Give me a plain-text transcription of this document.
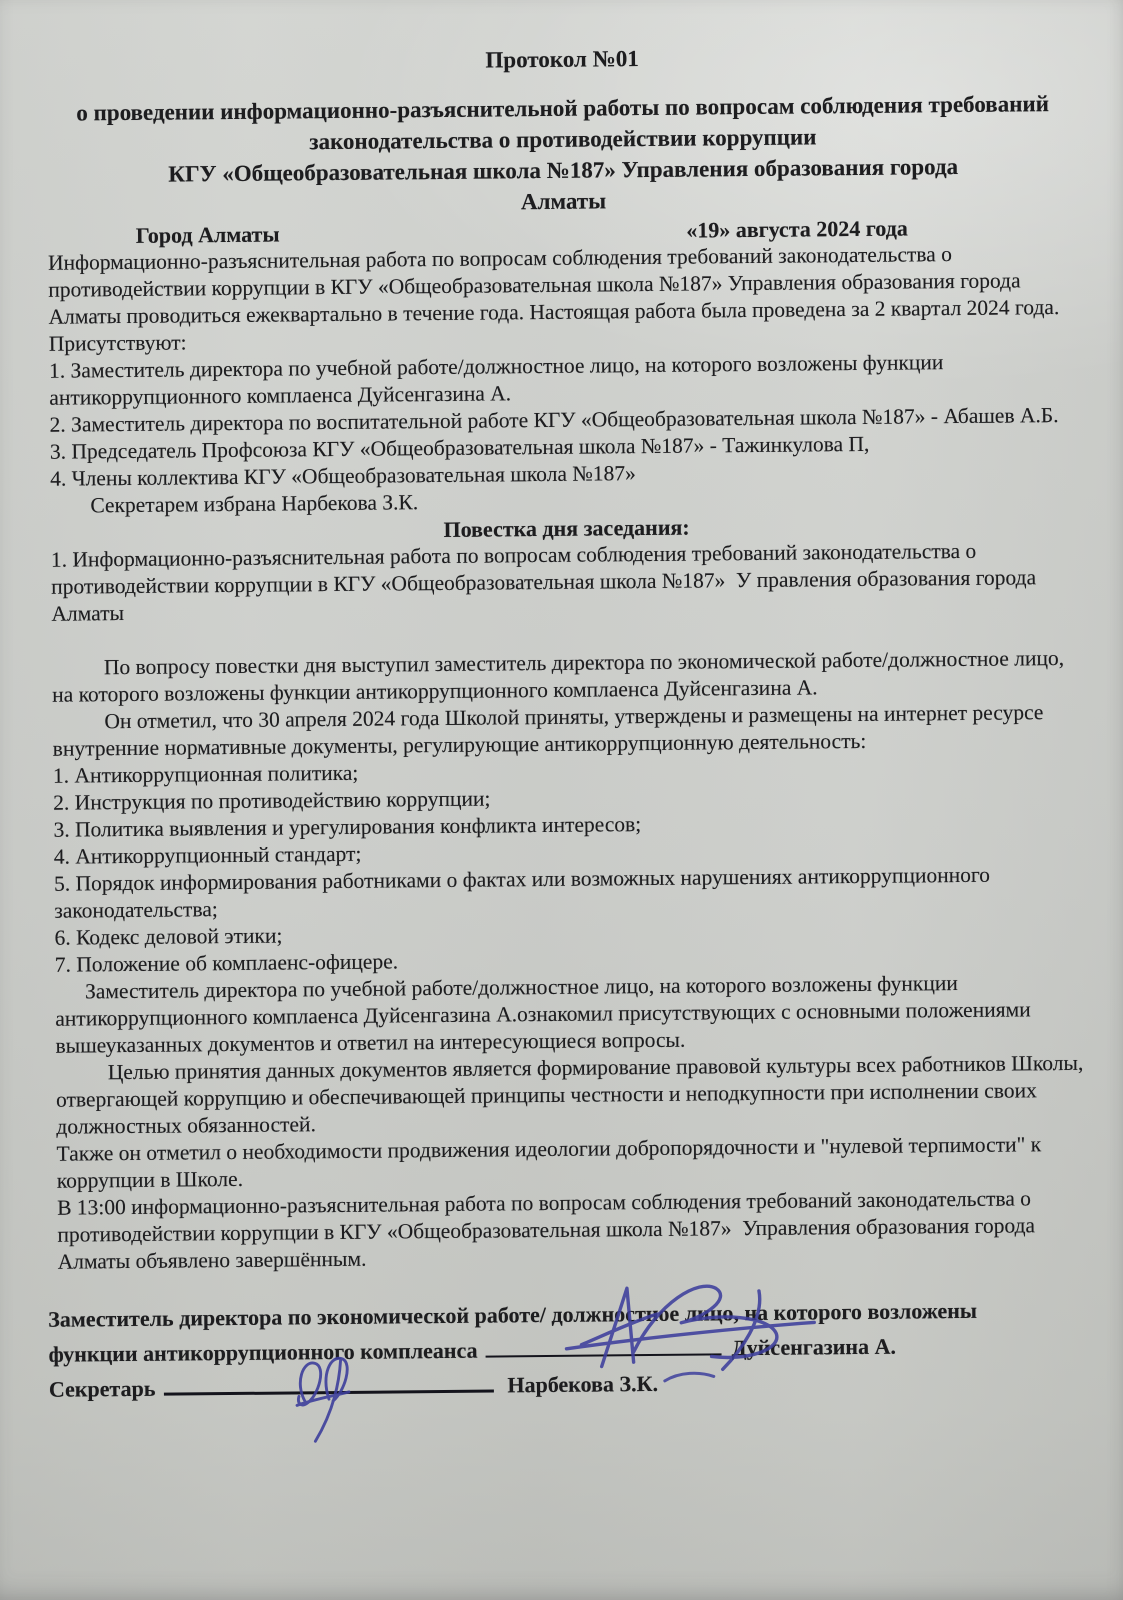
Протокол №01
о проведении информационно-разъяснительной работы по вопросам соблюдения требований
законодательства о противодействии коррупции
КГУ «Общеобразовательная школа №187» Управления образования города
Алматы
Город Алматы	«19» августа 2024 года

Информационно-разъяснительная работа по вопросам соблюдения требований законодательства о противодействии коррупции в КГУ «Общеобразовательная школа №187» Управления образования города Алматы проводиться ежеквартально в течение года. Настоящая работа была проведена за 2 квартал 2024 года.

Присутствуют:

1. Заместитель директора по учебной работе/должностное лицо, на которого возложены функции антикоррупционного комплаенса Дуйсенгазина А.

2. Заместитель директора по воспитательной работе КГУ «Общеобразовательная школа №187» - Абашев А.Б.

3. Председатель Профсоюза КГУ «Общеобразовательная школа №187» - Тажинкулова П,

4. Члены коллектива КГУ «Общеобразовательная школа №187»

Секретарем избрана Нарбекова З.К.

Повестка дня заседания:

1. Информационно-разъяснительная работа по вопросам соблюдения требований законодательства о противодействии коррупции в КГУ «Общеобразовательная школа №187»  У правления образования города Алматы

По вопросу повестки дня выступил заместитель директора по экономической работе/должностное лицо, на которого возложены функции антикоррупционного комплаенса Дуйсенгазина А.

Он отметил, что 30 апреля 2024 года Школой приняты, утверждены и размещены на интернет ресурсе внутренние нормативные документы, регулирующие антикоррупционную деятельность:

1. Антикоррупционная политика;

2. Инструкция по противодействию коррупции;

3. Политика выявления и урегулирования конфликта интересов;

4. Антикоррупционный стандарт;

5. Порядок информирования работниками о фактах или возможных нарушениях антикоррупционного законодательства;

6. Кодекс деловой этики;

7. Положение об комплаенс-офицере.

Заместитель директора по учебной работе/должностное лицо, на которого возложены функции антикоррупционного комплаенса Дуйсенгазина А.ознакомил присутствующих с основными положениями вышеуказанных документов и ответил на интересующиеся вопросы.

Целью принятия данных документов является формирование правовой культуры всех работников Школы, отвергающей коррупцию и обеспечивающей принципы честности и неподкупности при исполнении своих должностных обязанностей.

Также он отметил о необходимости продвижения идеологии добропорядочности и "нулевой терпимости" к коррупции в Школе.

В 13:00 информационно-разъяснительная работа по вопросам соблюдения требований законодательства о противодействии коррупции в КГУ «Общеобразовательная школа №187»  Управления образования города Алматы объявлено завершённым.

Заместитель директора по экономической работе/ должностное лицо, на которого возложены
функции антикоррупционного комплеанса	Дуйсенгазина А.
Секретарь	Нарбекова З.К.
